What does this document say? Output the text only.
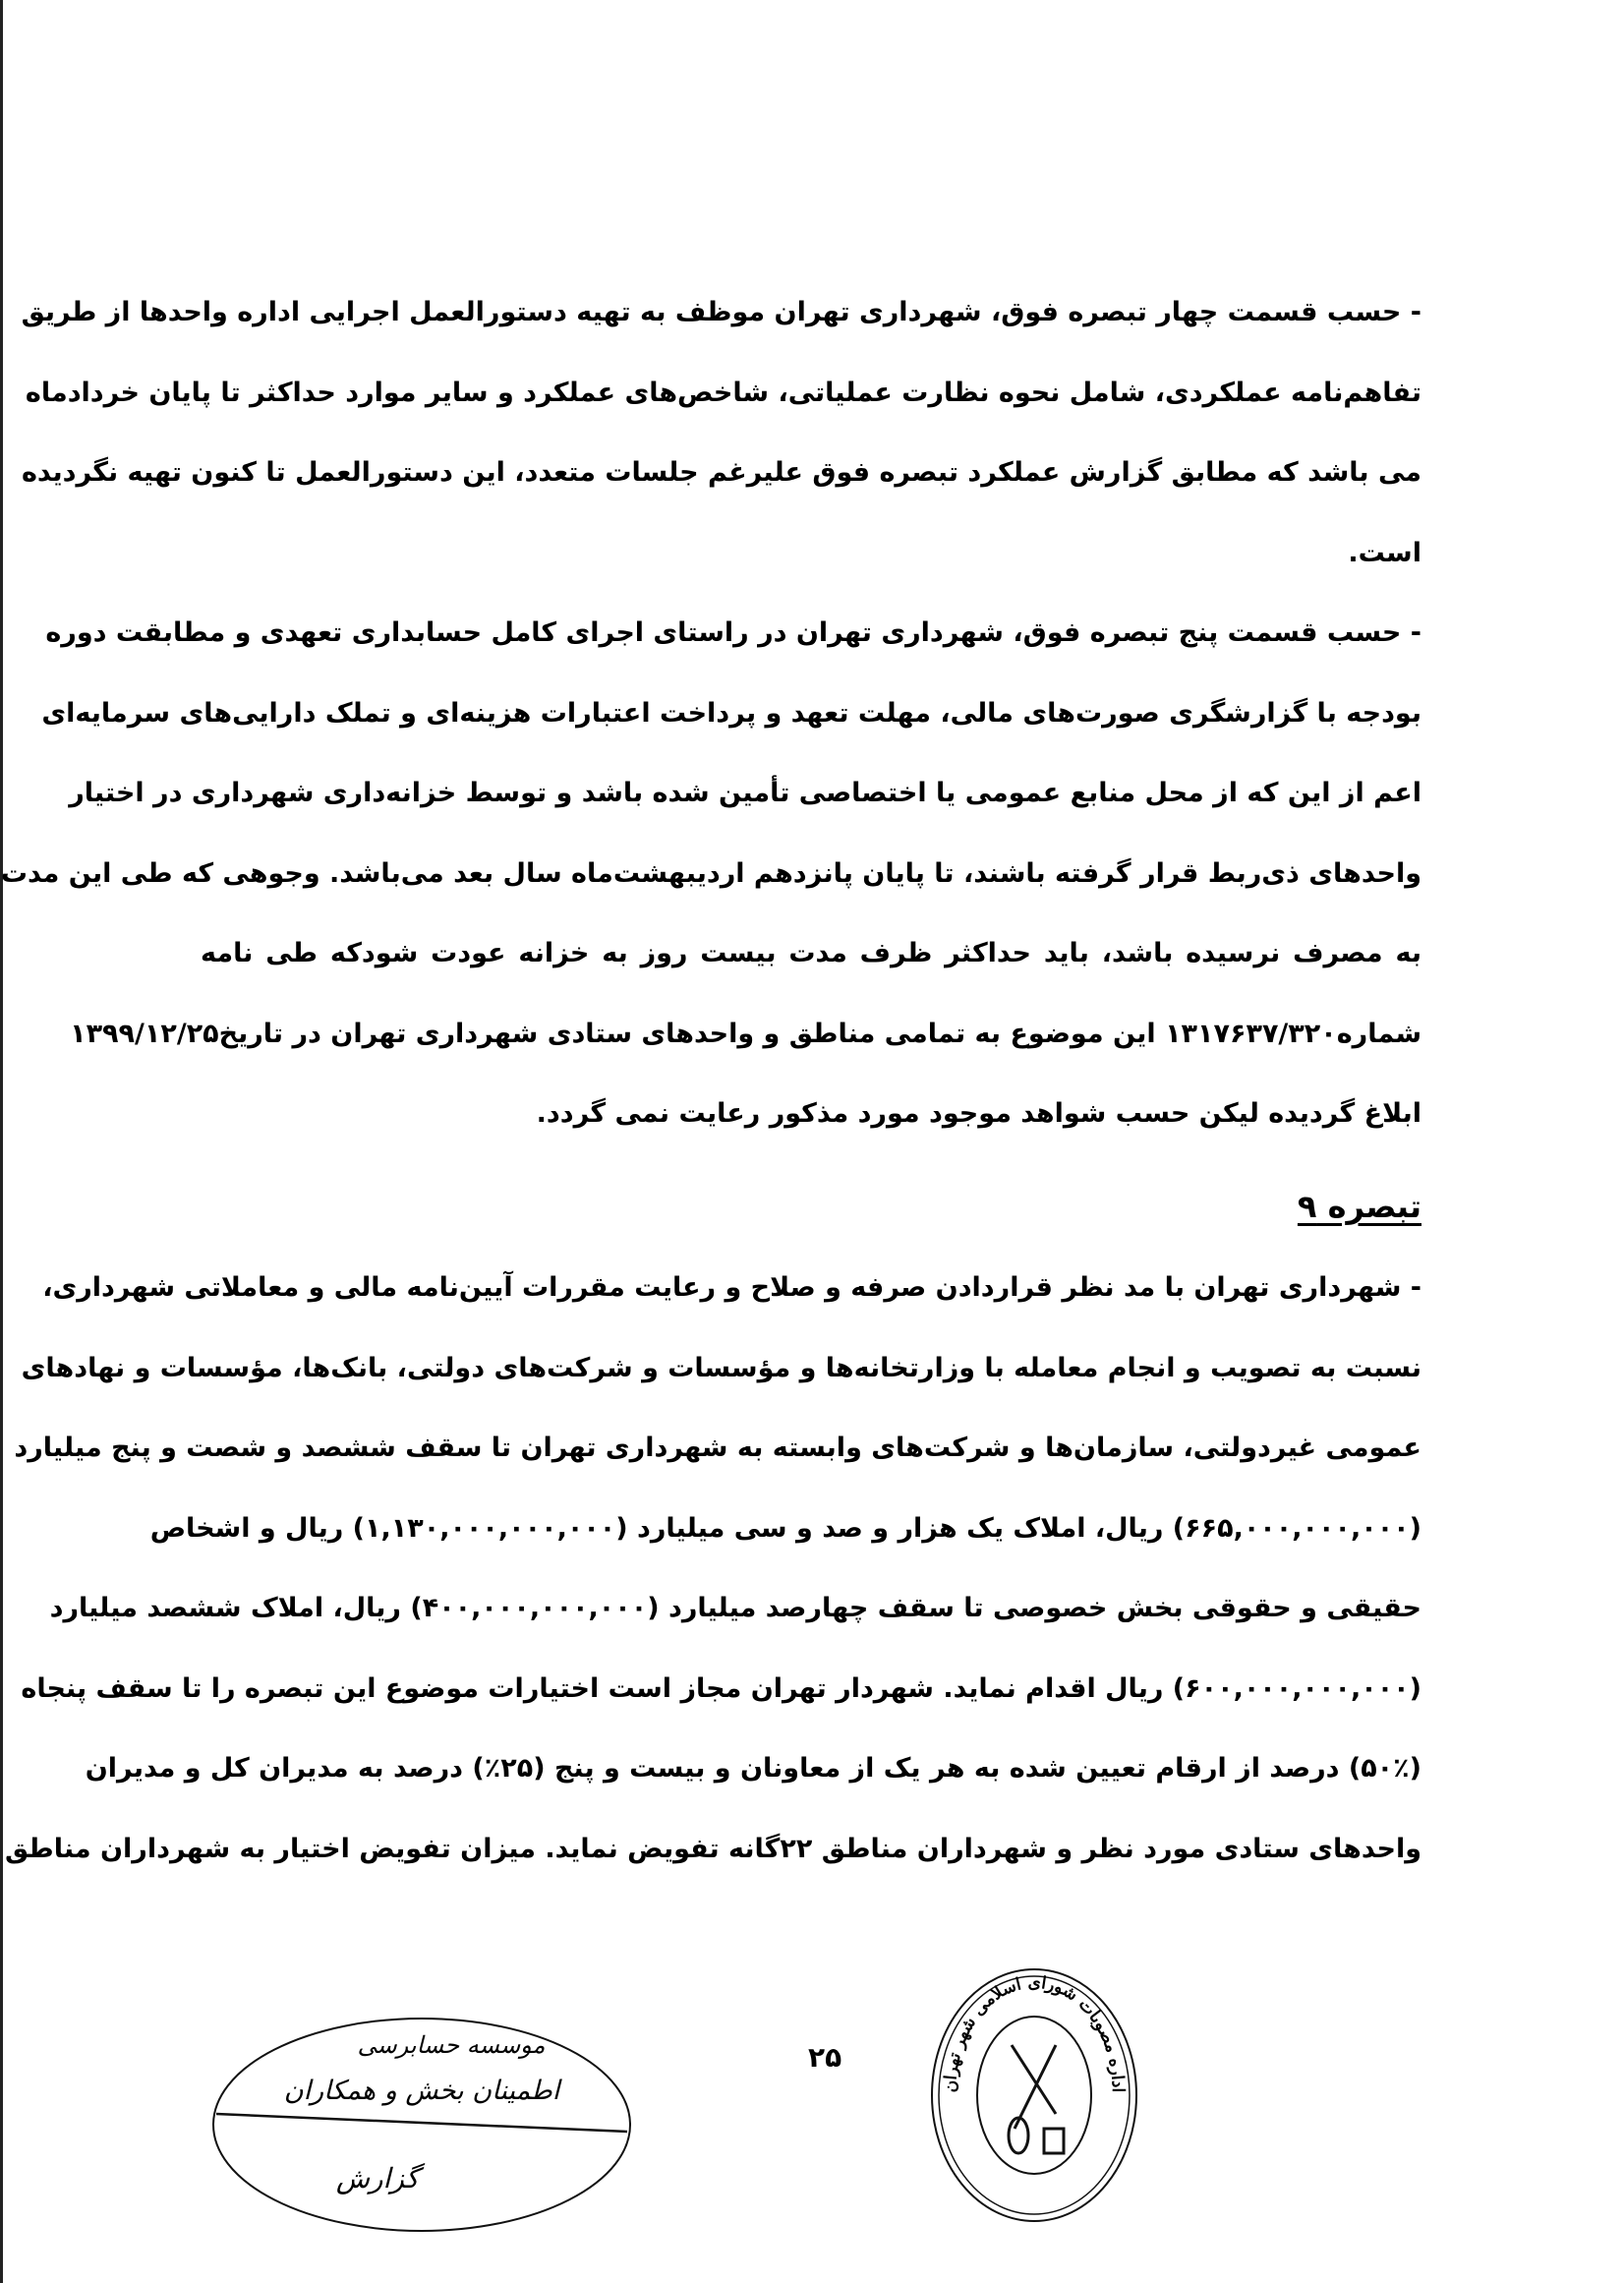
- حسب قسمت چهار تبصره فوق، شهرداری تهران موظف به تهیه دستورالعمل اجرایی اداره واحدها از طریق
تفاهم‌نامه عملکردی، شامل نحوه نظارت عملیاتی، شاخص‌های عملکرد و سایر موارد حداکثر تا پایان خردادماه
می باشد که مطابق گزارش عملکرد تبصره فوق علیرغم جلسات متعدد، این دستورالعمل تا کنون تهیه نگردیده
است.
- حسب قسمت پنج تبصره فوق، شهرداری تهران در راستای اجرای کامل حسابداری تعهدی و مطابقت دوره
بودجه با گزارشگری صورت‌های مالی، مهلت تعهد و پرداخت اعتبارات هزینه‌ای و تملک دارایی‌های سرمایه‌ای
اعم از این که از محل منابع عمومی یا اختصاصی تأمین شده باشد و توسط خزانه‌داری شهرداری در اختیار
واحدهای ذی‌ربط قرار گرفته باشند، تا پایان پانزدهم اردیبهشت‌ماه سال بعد می‌باشد. وجوهی که طی این مدت
به مصرف نرسیده باشد، باید حداکثر ظرف مدت بیست روز به خزانه عودت شودکه طی نامه
شماره۱۳۱۷۶۳۷/۳۲۰ این موضوع به تمامی مناطق و واحدهای ستادی شهرداری تهران در تاریخ۱۳۹۹/۱۲/۲۵
ابلاغ گردیده لیکن حسب شواهد موجود مورد مذکور رعایت نمی گردد.
تبصره ۹
- شهرداری تهران با مد نظر قراردادن صرفه و صلاح و رعایت مقررات آیین‌نامه مالی و معاملاتی شهرداری،
نسبت به تصویب و انجام معامله با وزارتخانه‌ها و مؤسسات و شرکت‌های دولتی، بانک‌ها، مؤسسات و نهادهای
عمومی غیردولتی، سازمان‌ها و شرکت‌های وابسته به شهرداری تهران تا سقف ششصد و شصت و پنج میلیارد
(۶۶۵,۰۰۰,۰۰۰,۰۰۰) ریال، املاک یک هزار و صد و سی میلیارد (۱,۱۳۰,۰۰۰,۰۰۰,۰۰۰) ریال و اشخاص
حقیقی و حقوقی بخش خصوصی تا سقف چهارصد میلیارد (۴۰۰,۰۰۰,۰۰۰,۰۰۰) ریال، املاک ششصد میلیارد
(۶۰۰,۰۰۰,۰۰۰,۰۰۰) ریال اقدام نماید. شهردار تهران مجاز است اختیارات موضوع این تبصره را تا سقف پنجاه
(۵۰٪) درصد از ارقام تعیین شده به هر یک از معاونان و بیست و پنج (۲۵٪) درصد به مدیران کل و مدیران
واحدهای ستادی مورد نظر و شهرداران مناطق ۲۲گانه تفویض نماید. میزان تفویض اختیار به شهرداران مناطق
۲۵
موسسه حسابرسی
اطمینان بخش و همکاران
گزارش
اداره مصوبات شورای اسلامی شهر تهران
